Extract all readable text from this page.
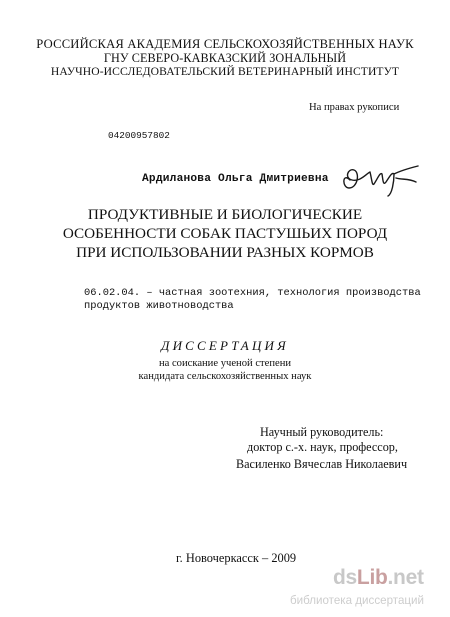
РОССИЙСКАЯ АКАДЕМИЯ СЕЛЬСКОХОЗЯЙСТВЕННЫХ НАУК
ГНУ СЕВЕРО-КАВКАЗСКИЙ ЗОНАЛЬНЫЙ
НАУЧНО-ИССЛЕДОВАТЕЛЬСКИЙ ВЕТЕРИНАРНЫЙ ИНСТИТУТ
На правах рукописи
04200957802
Ардиланова Ольга Дмитриевна
ПРОДУКТИВНЫЕ И БИОЛОГИЧЕСКИЕ
ОСОБЕННОСТИ СОБАК ПАСТУШЬИХ ПОРОД
ПРИ ИСПОЛЬЗОВАНИИ РАЗНЫХ КОРМОВ
06.02.04. – частная зоотехния, технология производства
продуктов животноводства
ДИССЕРТАЦИЯ
на соискание ученой степени
кандидата сельскохозяйственных наук
Научный руководитель:
доктор с.-х. наук, профессор,
Василенко Вячеслав Николаевич
г. Новочеркасск – 2009
dsLib.net
библиотека диссертаций
